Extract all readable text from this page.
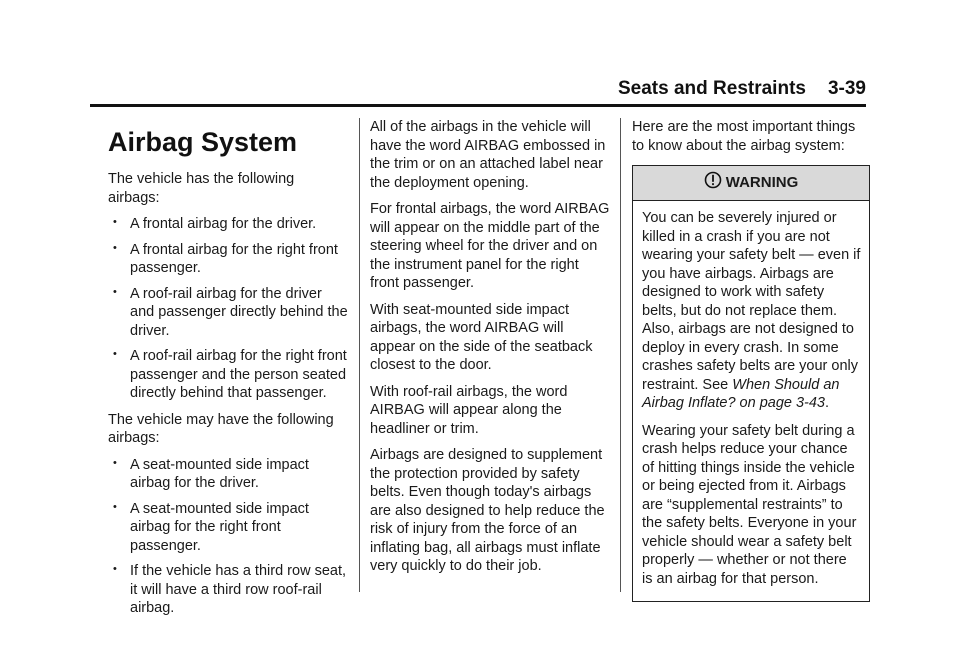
Seats and Restraints 3-39
Airbag System

The vehicle has the following airbags:

• A frontal airbag for the driver.
• A frontal airbag for the right front passenger.
• A roof-rail airbag for the driver and passenger directly behind the driver.
• A roof-rail airbag for the right front passenger and the person seated directly behind that passenger.

The vehicle may have the following airbags:

• A seat-mounted side impact airbag for the driver.
• A seat-mounted side impact airbag for the right front passenger.
• If the vehicle has a third row seat, it will have a third row roof-rail airbag.

All of the airbags in the vehicle will have the word AIRBAG embossed in the trim or on an attached label near the deployment opening.

For frontal airbags, the word AIRBAG will appear on the middle part of the steering wheel for the driver and on the instrument panel for the right front passenger.

With seat-mounted side impact airbags, the word AIRBAG will appear on the side of the seatback closest to the door.

With roof-rail airbags, the word AIRBAG will appear along the headliner or trim.

Airbags are designed to supplement the protection provided by safety belts. Even though today's airbags are also designed to help reduce the risk of injury from the force of an inflating bag, all airbags must inflate very quickly to do their job.

Here are the most important things to know about the airbag system:

WARNING

You can be severely injured or killed in a crash if you are not wearing your safety belt — even if you have airbags. Airbags are designed to work with safety belts, but do not replace them. Also, airbags are not designed to deploy in every crash. In some crashes safety belts are your only restraint. See When Should an Airbag Inflate? on page 3-43.

Wearing your safety belt during a crash helps reduce your chance of hitting things inside the vehicle or being ejected from it. Airbags are “supplemental restraints” to the safety belts. Everyone in your vehicle should wear a safety belt properly — whether or not there is an airbag for that person.
